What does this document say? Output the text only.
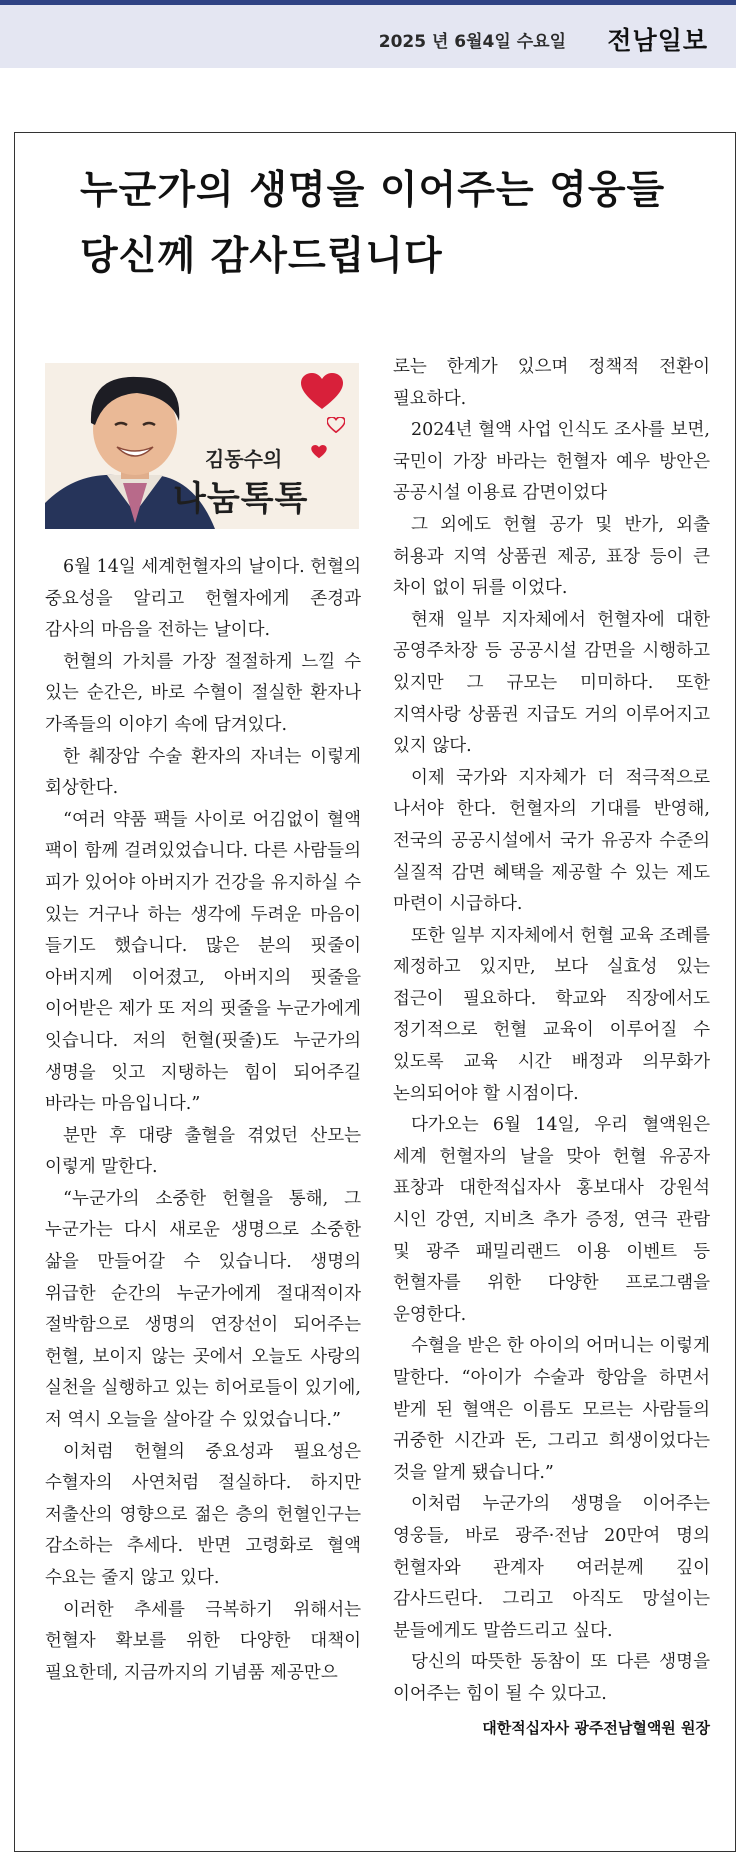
2025 년 6월4일 수요일 전남일보
누군가의 생명을 이어주는 영웅들
당신께 감사드립니다
김동수의
나눔톡톡

6월 14일 세계헌혈자의 날이다. 헌혈의 중요성을 알리고 헌혈자에게 존경과 감사의 마음을 전하는 날이다.

헌혈의 가치를 가장 절절하게 느낄 수 있는 순간은, 바로 수혈이 절실한 환자나 가족들의 이야기 속에 담겨있다.

한 췌장암 수술 환자의 자녀는 이렇게 회상한다.

“여러 약품 팩들 사이로 어김없이 혈액 팩이 함께 걸려있었습니다. 다른 사람들의 피가 있어야 아버지가 건강을 유지하실 수 있는 거구나 하는 생각에 두려운 마음이 들기도 했습니다. 많은 분의 핏줄이 아버지께 이어졌고, 아버지의 핏줄을 이어받은 제가 또 저의 핏줄을 누군가에게 잇습니다. 저의 헌혈(핏줄)도 누군가의 생명을 잇고 지탱하는 힘이 되어주길 바라는 마음입니다.”

분만 후 대량 출혈을 겪었던 산모는 이렇게 말한다.

“누군가의 소중한 헌혈을 통해, 그 누군가는 다시 새로운 생명으로 소중한 삶을 만들어갈 수 있습니다. 생명의 위급한 순간의 누군가에게 절대적이자 절박함으로 생명의 연장선이 되어주는 헌혈, 보이지 않는 곳에서 오늘도 사랑의 실천을 실행하고 있는 히어로들이 있기에, 저 역시 오늘을 살아갈 수 있었습니다.”

이처럼 헌혈의 중요성과 필요성은 수혈자의 사연처럼 절실하다. 하지만 저출산의 영향으로 젊은 층의 헌혈인구는 감소하는 추세다. 반면 고령화로 혈액 수요는 줄지 않고 있다.

이러한 추세를 극복하기 위해서는 헌혈자 확보를 위한 다양한 대책이 필요한데, 지금까지의 기념품 제공만으

로는 한계가 있으며 정책적 전환이 필요하다.

2024년 혈액 사업 인식도 조사를 보면, 국민이 가장 바라는 헌혈자 예우 방안은 공공시설 이용료 감면이었다

그 외에도 헌혈 공가 및 반가, 외출 허용과 지역 상품권 제공, 표장 등이 큰 차이 없이 뒤를 이었다.

현재 일부 지자체에서 헌혈자에 대한 공영주차장 등 공공시설 감면을 시행하고 있지만 그 규모는 미미하다. 또한 지역사랑 상품권 지급도 거의 이루어지고 있지 않다.

이제 국가와 지자체가 더 적극적으로 나서야 한다. 헌혈자의 기대를 반영해, 전국의 공공시설에서 국가 유공자 수준의 실질적 감면 혜택을 제공할 수 있는 제도 마련이 시급하다.

또한 일부 지자체에서 헌혈 교육 조례를 제정하고 있지만, 보다 실효성 있는 접근이 필요하다. 학교와 직장에서도 정기적으로 헌혈 교육이 이루어질 수 있도록 교육 시간 배정과 의무화가 논의되어야 할 시점이다.

다가오는 6월 14일, 우리 혈액원은 세계 헌혈자의 날을 맞아 헌혈 유공자 표창과 대한적십자사 홍보대사 강원석 시인 강연, 지비츠 추가 증정, 연극 관람 및 광주 패밀리랜드 이용 이벤트 등 헌혈자를 위한 다양한 프로그램을 운영한다.

수혈을 받은 한 아이의 어머니는 이렇게 말한다. “아이가 수술과 항암을 하면서 받게 된 혈액은 이름도 모르는 사람들의 귀중한 시간과 돈, 그리고 희생이었다는 것을 알게 됐습니다.”

이처럼 누군가의 생명을 이어주는 영웅들, 바로 광주·전남 20만여 명의 헌혈자와 관계자 여러분께 깊이 감사드린다. 그리고 아직도 망설이는 분들에게도 말씀드리고 싶다.

당신의 따뜻한 동참이 또 다른 생명을 이어주는 힘이 될 수 있다고.

대한적십자사 광주전남혈액원 원장
